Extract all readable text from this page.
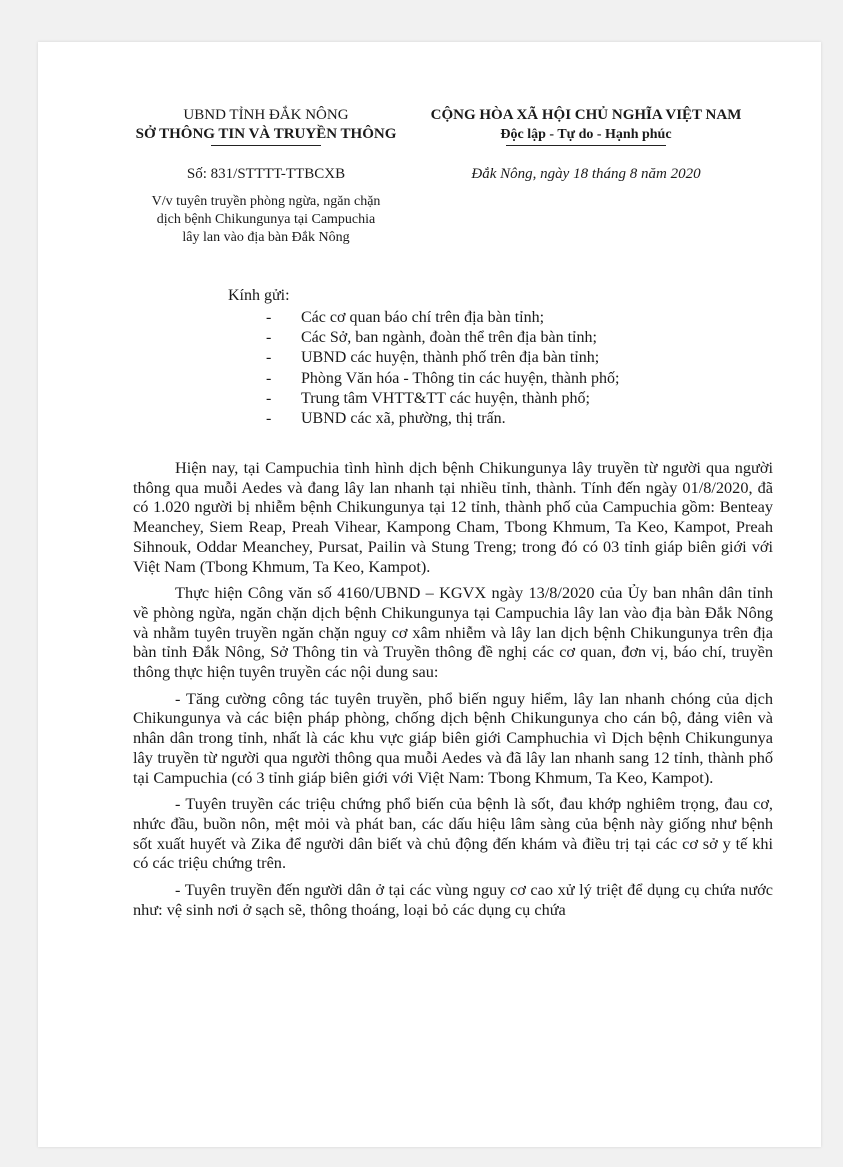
UBND TỈNH ĐẮK NÔNG
SỞ THÔNG TIN VÀ TRUYỀN THÔNG
CỘNG HÒA XÃ HỘI CHỦ NGHĨA VIỆT NAM
Độc lập - Tự do - Hạnh phúc
Số: 831/STTTT-TTBCXB	Đắk Nông, ngày 18 tháng 8 năm 2020
V/v tuyên truyền phòng ngừa, ngăn chặn
dịch bệnh Chikungunya tại Campuchia
lây lan vào địa bàn Đắk Nông
Kính gửi:
- Các cơ quan báo chí trên địa bàn tỉnh;
- Các Sở, ban ngành, đoàn thể trên địa bàn tỉnh;
- UBND các huyện, thành phố trên địa bàn tỉnh;
- Phòng Văn hóa - Thông tin các huyện, thành phố;
- Trung tâm VHTT&TT các huyện, thành phố;
- UBND các xã, phường, thị trấn.

Hiện nay, tại Campuchia tình hình dịch bệnh Chikungunya lây truyền từ người qua người thông qua muỗi Aedes và đang lây lan nhanh tại nhiều tỉnh, thành. Tính đến ngày 01/8/2020, đã có 1.020 người bị nhiễm bệnh Chikungunya tại 12 tỉnh, thành phố của Campuchia gồm: Benteay Meanchey, Siem Reap, Preah Vihear, Kampong Cham, Tbong Khmum, Ta Keo, Kampot, Preah Sihnouk, Oddar Meanchey, Pursat, Pailin và Stung Treng; trong đó có 03 tỉnh giáp biên giới với Việt Nam (Tbong Khmum, Ta Keo, Kampot).

Thực hiện Công văn số 4160/UBND – KGVX ngày 13/8/2020 của Ủy ban nhân dân tỉnh về phòng ngừa, ngăn chặn dịch bệnh Chikungunya tại Campuchia lây lan vào địa bàn Đắk Nông và nhằm tuyên truyền ngăn chặn nguy cơ xâm nhiễm và lây lan dịch bệnh Chikungunya trên địa bàn tỉnh Đắk Nông, Sở Thông tin và Truyền thông đề nghị các cơ quan, đơn vị, báo chí, truyền thông thực hiện tuyên truyền các nội dung sau:

- Tăng cường công tác tuyên truyền, phổ biến nguy hiểm, lây lan nhanh chóng của dịch Chikungunya và các biện pháp phòng, chống dịch bệnh Chikungunya cho cán bộ, đảng viên và nhân dân trong tỉnh, nhất là các khu vực giáp biên giới Camphuchia vì Dịch bệnh Chikungunya lây truyền từ người qua người thông qua muỗi Aedes và đã lây lan nhanh sang 12 tỉnh, thành phố tại Campuchia (có 3 tỉnh giáp biên giới với Việt Nam: Tbong Khmum, Ta Keo, Kampot).

- Tuyên truyền các triệu chứng phổ biến của bệnh là sốt, đau khớp nghiêm trọng, đau cơ, nhức đầu, buồn nôn, mệt mỏi và phát ban, các dấu hiệu lâm sàng của bệnh này giống như bệnh sốt xuất huyết và Zika để người dân biết và chủ động đến khám và điều trị tại các cơ sở y tế khi có các triệu chứng trên.

- Tuyên truyền đến người dân ở tại các vùng nguy cơ cao xử lý triệt để dụng cụ chứa nước như: vệ sinh nơi ở sạch sẽ, thông thoáng, loại bỏ các dụng cụ chứa
